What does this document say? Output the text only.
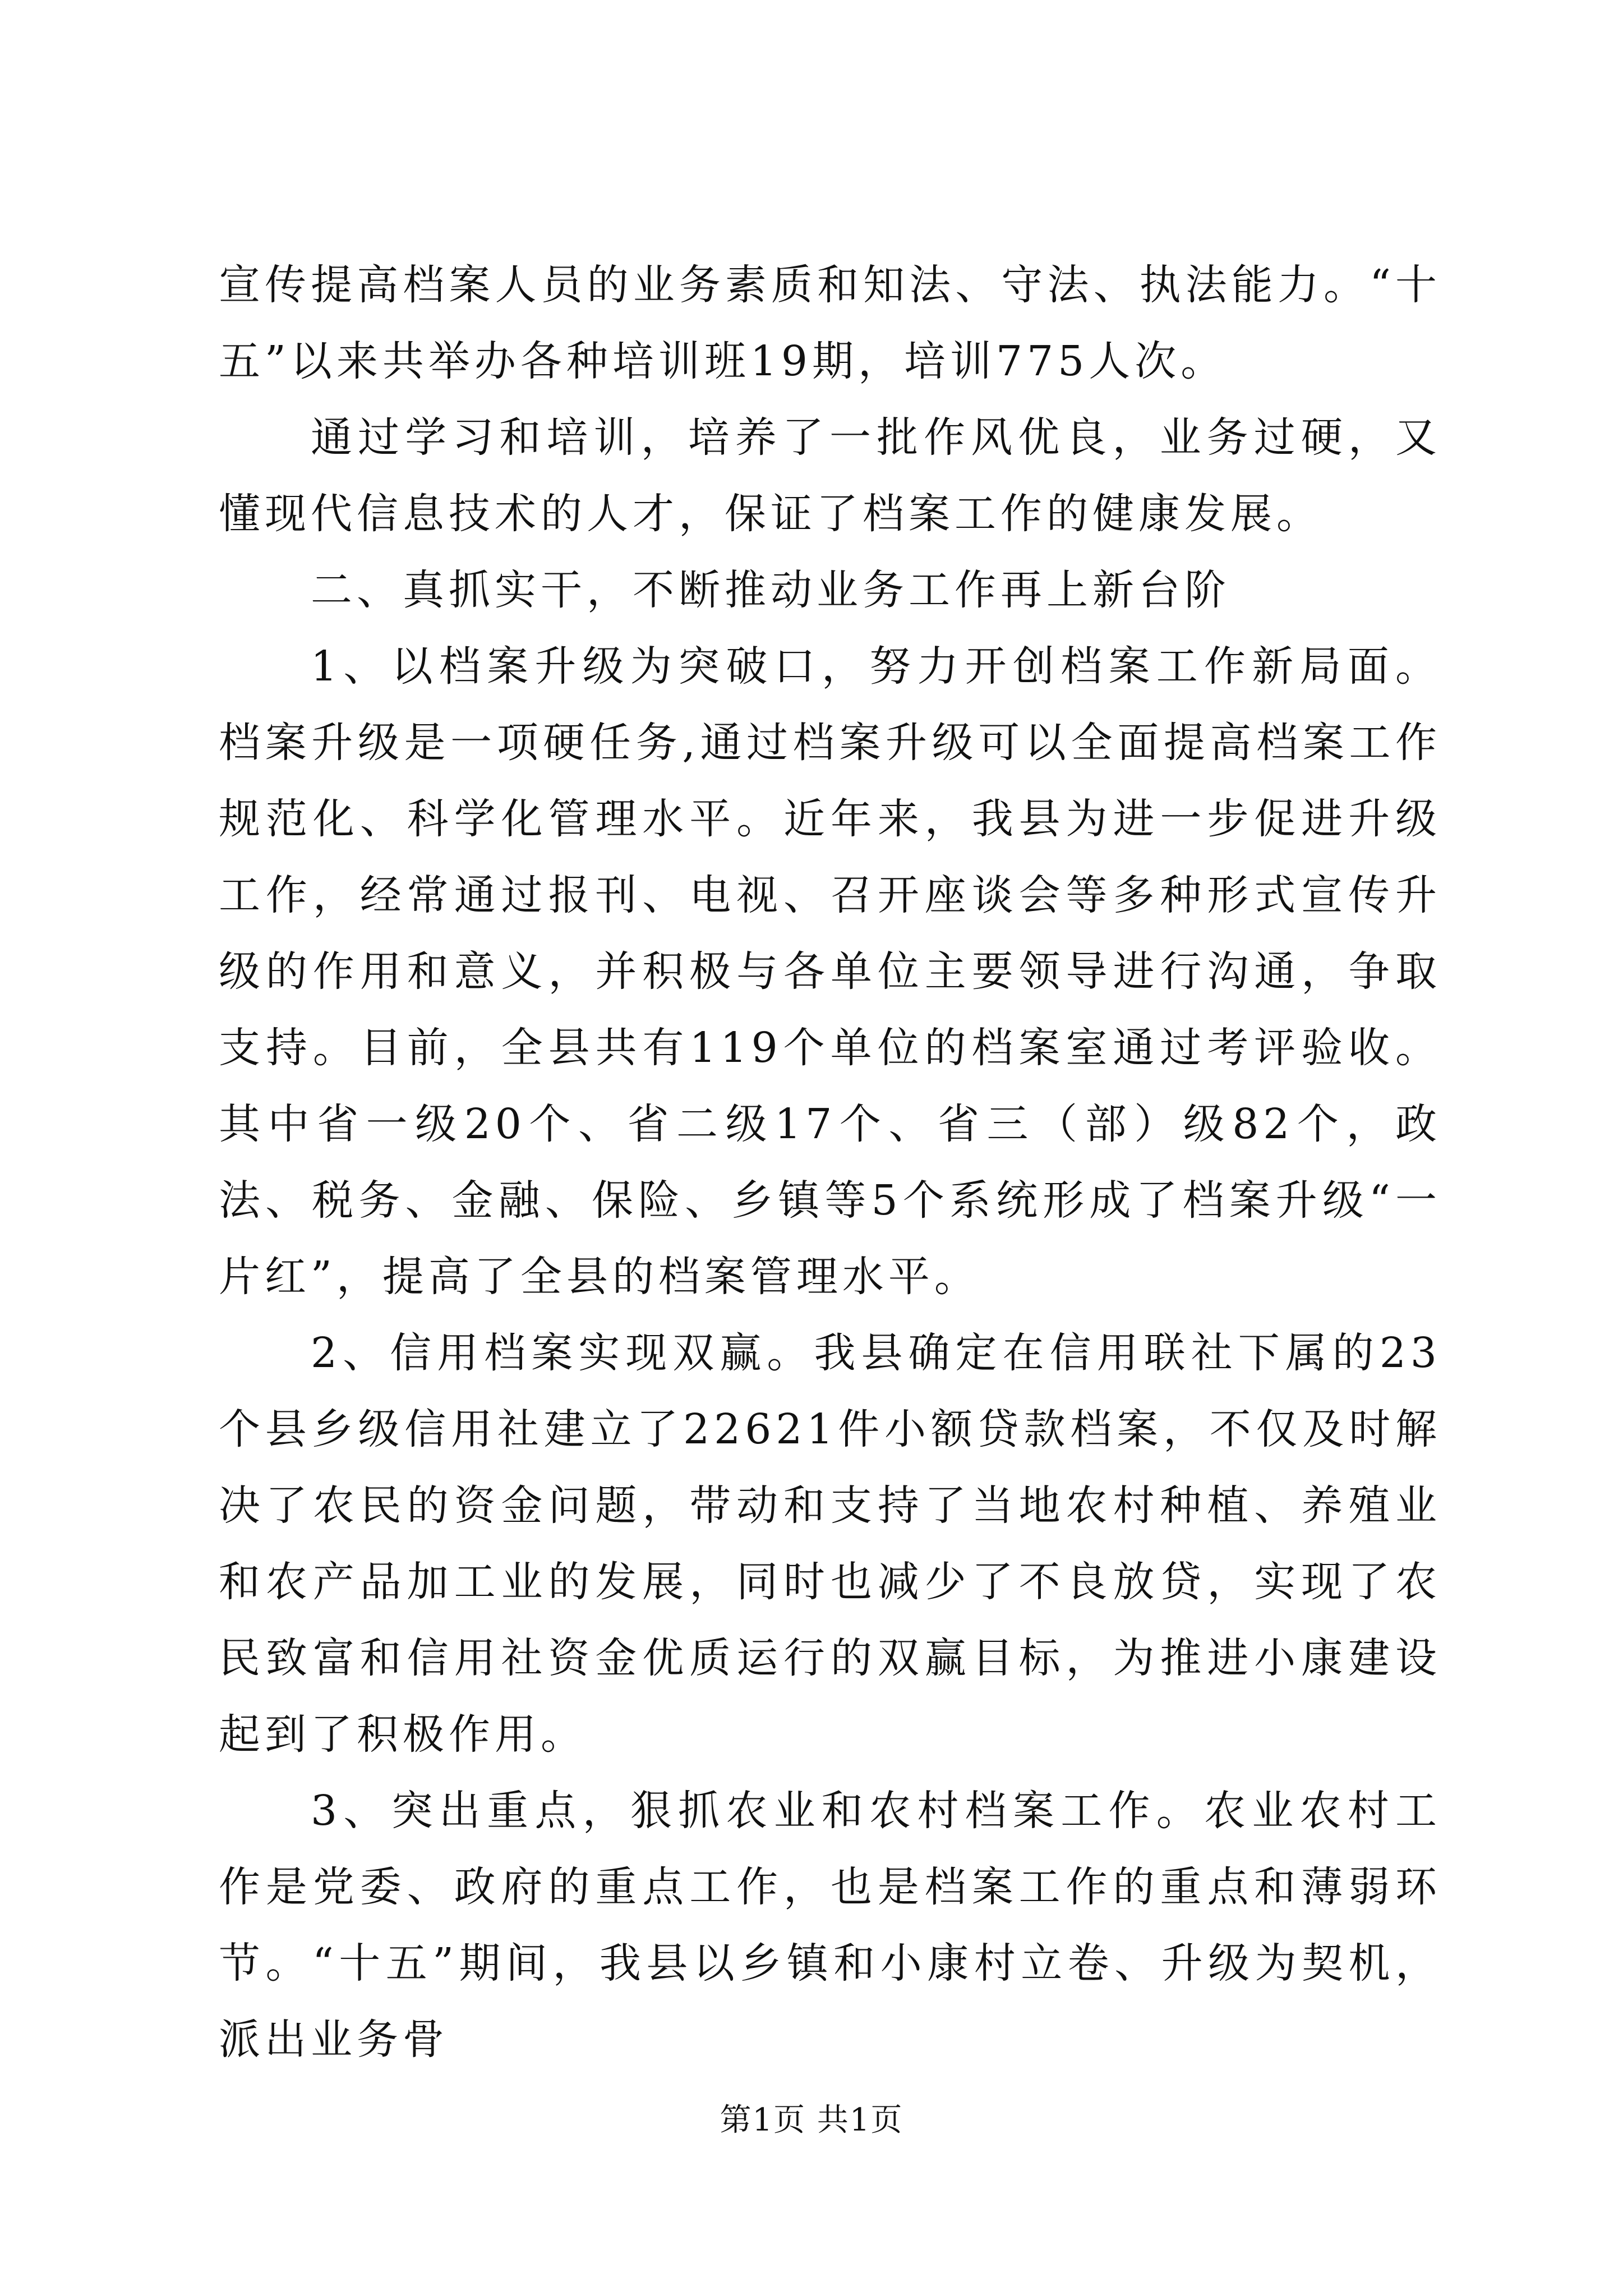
宣传提高档案人员的业务素质和知法、守法、执法能力。“十五”以来共举办各种培训班19期，培训775人次。

通过学习和培训，培养了一批作风优良，业务过硬，又懂现代信息技术的人才，保证了档案工作的健康发展。

二、真抓实干，不断推动业务工作再上新台阶

1、以档案升级为突破口，努力开创档案工作新局面。档案升级是一项硬任务,通过档案升级可以全面提高档案工作规范化、科学化管理水平。近年来，我县为进一步促进升级工作，经常通过报刊、电视、召开座谈会等多种形式宣传升级的作用和意义，并积极与各单位主要领导进行沟通，争取支持。目前，全县共有119个单位的档案室通过考评验收。其中省一级20个、省二级17个、省三（部）级82个，政法、税务、金融、保险、乡镇等5个系统形成了档案升级“一片红”，提高了全县的档案管理水平。

2、信用档案实现双赢。我县确定在信用联社下属的23个县乡级信用社建立了22621件小额贷款档案，不仅及时解决了农民的资金问题，带动和支持了当地农村种植、养殖业和农产品加工业的发展，同时也减少了不良放贷，实现了农民致富和信用社资金优质运行的双赢目标，为推进小康建设起到了积极作用。

3、突出重点，狠抓农业和农村档案工作。农业农村工作是党委、政府的重点工作，也是档案工作的重点和薄弱环节。“十五”期间，我县以乡镇和小康村立卷、升级为契机，派出业务骨

第1页 共1页
